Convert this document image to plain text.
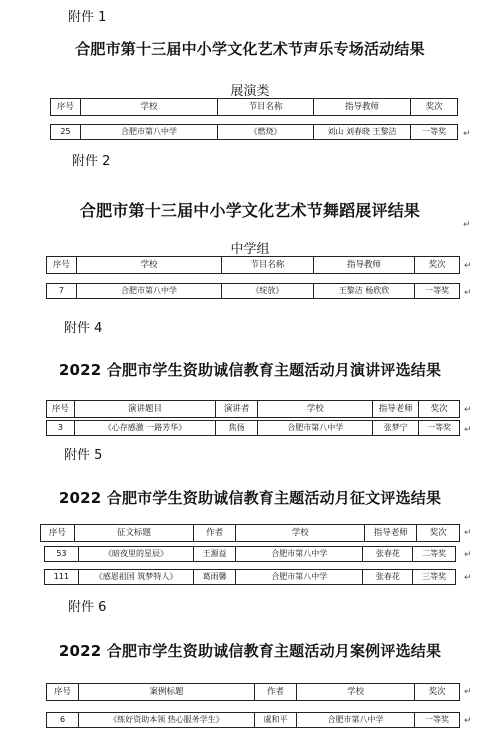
附件 1
合肥市第十三届中小学文化艺术节声乐专场活动结果
展演类
序号	学校	节目名称	指导教师	奖次
25	合肥市第八中学	《燃烧》	刘山 刘春晓 王黎洁	一等奖	↵
附件 2
合肥市第十三届中小学文化艺术节舞蹈展评结果
↵
中学组
序号	学校	节目名称	指导教师	奖次	↵
7	合肥市第八中学	《绽放》	王黎洁 杨欣欣	一等奖	↵
附件 4
2022 合肥市学生资助诚信教育主题活动月演讲评选结果
序号	演讲题目	演讲者	学校	指导老师	奖次	↵
3	《心存感激 一路芳华》	焦扬	合肥市第八中学	张梦宁	一等奖	↵
附件 5
2022 合肥市学生资助诚信教育主题活动月征文评选结果
序号	征文标题	作者	学校	指导老师	奖次	↵
53	《暗夜里的星辰》	王源益	合肥市第八中学	张春花	二等奖	↵
111	《感恩祖国 筑梦特人》	葛雨馨	合肥市第八中学	张春花	三等奖	↵
附件 6
2022 合肥市学生资助诚信教育主题活动月案例评选结果
序号	案例标题	作者	学校	奖次	↵
6	《练好资助本领 热心服务学生》	虞和平	合肥市第八中学	一等奖	↵
